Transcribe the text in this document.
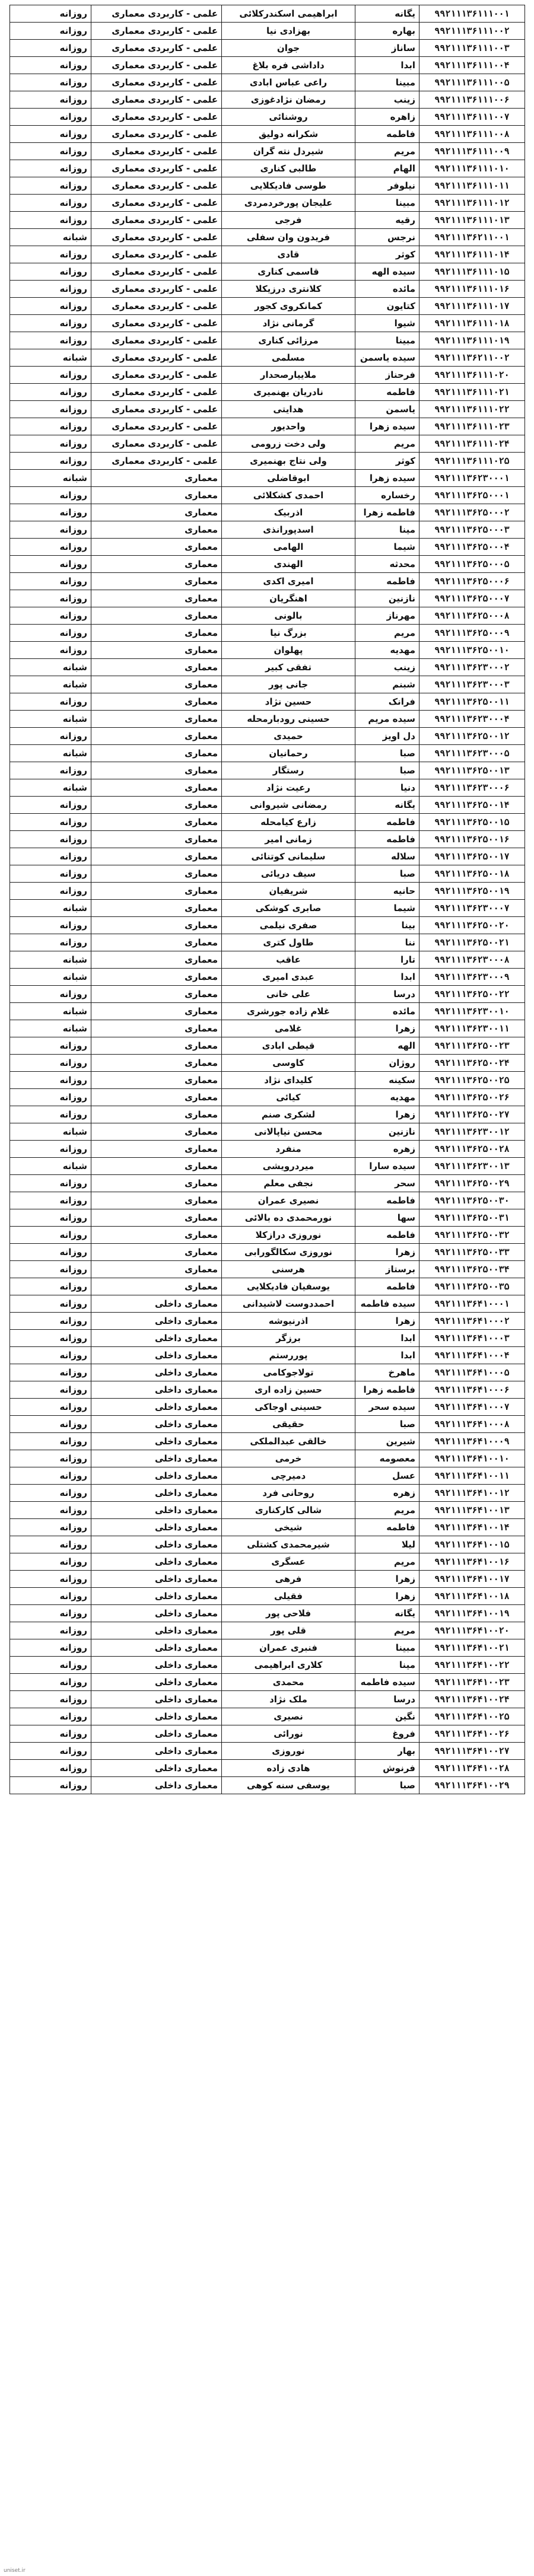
۹۹۲۱۱۱۳۶۱۱۱۰۰۱	یگانه	ابراهیمی اسکندرکلائی	علمی - کاربردی معماری	روزانه
۹۹۲۱۱۱۳۶۱۱۱۰۰۲	بهاره	بهزادی نیا	علمی - کاربردی معماری	روزانه
۹۹۲۱۱۱۳۶۱۱۱۰۰۳	ساناز	جوان	علمی - کاربردی معماری	روزانه
۹۹۲۱۱۱۳۶۱۱۱۰۰۴	ابدا	داداشی فره بلاغ	علمی - کاربردی معماری	روزانه
۹۹۲۱۱۱۳۶۱۱۱۰۰۵	مبینا	راعی عباس ابادی	علمی - کاربردی معماری	روزانه
۹۹۲۱۱۱۳۶۱۱۱۰۰۶	زینب	رمضان نژادغوزی	علمی - کاربردی معماری	روزانه
۹۹۲۱۱۱۳۶۱۱۱۰۰۷	زاهره	روشنائی	علمی - کاربردی معماری	روزانه
۹۹۲۱۱۱۳۶۱۱۱۰۰۸	فاطمه	شکرانه دولیق	علمی - کاربردی معماری	روزانه
۹۹۲۱۱۱۳۶۱۱۱۰۰۹	مریم	شیردل نته گران	علمی - کاربردی معماری	روزانه
۹۹۲۱۱۱۳۶۱۱۱۰۱۰	الهام	طالبی کناری	علمی - کاربردی معماری	روزانه
۹۹۲۱۱۱۳۶۱۱۱۰۱۱	نیلوفر	طوسی فادیکلایی	علمی - کاربردی معماری	روزانه
۹۹۲۱۱۱۳۶۱۱۱۰۱۲	مبینا	علیجان پورخردمردی	علمی - کاربردی معماری	روزانه
۹۹۲۱۱۱۳۶۱۱۱۰۱۳	رقیه	فرجی	علمی - کاربردی معماری	روزانه
۹۹۲۱۱۱۳۶۲۱۱۰۰۱	نرجس	فریدون وان سفلی	علمی - کاربردی معماری	شبانه
۹۹۲۱۱۱۳۶۱۱۱۰۱۴	کوثر	قادی	علمی - کاربردی معماری	روزانه
۹۹۲۱۱۱۳۶۱۱۱۰۱۵	سیده الهه	قاسمی کناری	علمی - کاربردی معماری	روزانه
۹۹۲۱۱۱۳۶۱۱۱۰۱۶	مائده	کلانتری درزیکلا	علمی - کاربردی معماری	روزانه
۹۹۲۱۱۱۳۶۱۱۱۰۱۷	کتایون	کمانکروی کجور	علمی - کاربردی معماری	روزانه
۹۹۲۱۱۱۳۶۱۱۱۰۱۸	شیوا	گرمانی نژاد	علمی - کاربردی معماری	روزانه
۹۹۲۱۱۱۳۶۱۱۱۰۱۹	مبینا	مرزائی کناری	علمی - کاربردی معماری	روزانه
۹۹۲۱۱۱۳۶۲۱۱۰۰۲	سیده یاسمن	مسلمی	علمی - کاربردی معماری	شبانه
۹۹۲۱۱۱۳۶۱۱۱۰۲۰	فرحناز	ملاییارصحدار	علمی - کاربردی معماری	روزانه
۹۹۲۱۱۱۳۶۱۱۱۰۲۱	فاطمه	نادریان بهنمیری	علمی - کاربردی معماری	روزانه
۹۹۲۱۱۱۳۶۱۱۱۰۲۲	یاسمن	هدایتی	علمی - کاربردی معماری	روزانه
۹۹۲۱۱۱۳۶۱۱۱۰۲۳	سیده زهرا	واحدیور	علمی - کاربردی معماری	روزانه
۹۹۲۱۱۱۳۶۱۱۱۰۲۴	مریم	ولی دخت زرومی	علمی - کاربردی معماری	روزانه
۹۹۲۱۱۱۳۶۱۱۱۰۲۵	کوثر	ولی نتاج بهنمیری	علمی - کاربردی معماری	روزانه
۹۹۲۱۱۱۳۶۲۳۰۰۰۱	سیده زهرا	ابوقاضلی	معماری	شبانه
۹۹۲۱۱۱۳۶۲۵۰۰۰۱	رخساره	احمدی کشکلائی	معماری	روزانه
۹۹۲۱۱۱۳۶۲۵۰۰۰۲	فاطمه زهرا	اذربیک	معماری	روزانه
۹۹۲۱۱۱۳۶۲۵۰۰۰۳	مینا	اسدپورانذی	معماری	روزانه
۹۹۲۱۱۱۳۶۲۵۰۰۰۴	شیما	الهامی	معماری	روزانه
۹۹۲۱۱۱۳۶۲۵۰۰۰۵	محدثه	الهندی	معماری	روزانه
۹۹۲۱۱۱۳۶۲۵۰۰۰۶	فاطمه	امیری اکدی	معماری	روزانه
۹۹۲۱۱۱۳۶۲۵۰۰۰۷	نازنین	اهنگریان	معماری	روزانه
۹۹۲۱۱۱۳۶۲۵۰۰۰۸	مهرناز	بالونی	معماری	روزانه
۹۹۲۱۱۱۳۶۲۵۰۰۰۹	مریم	بزرگ نیا	معماری	روزانه
۹۹۲۱۱۱۳۶۲۵۰۰۱۰	مهدیه	پهلوان	معماری	روزانه
۹۹۲۱۱۱۳۶۲۳۰۰۰۲	زینب	تفقی کبیر	معماری	شبانه
۹۹۲۱۱۱۳۶۲۳۰۰۰۳	شبنم	جانی پور	معماری	شبانه
۹۹۲۱۱۱۳۶۲۵۰۰۱۱	فرانک	حسین نژاد	معماری	روزانه
۹۹۲۱۱۱۳۶۲۳۰۰۰۴	سیده مریم	حسینی رودبارمحله	معماری	شبانه
۹۹۲۱۱۱۳۶۲۵۰۰۱۲	دل اویز	حمیدی	معماری	روزانه
۹۹۲۱۱۱۳۶۲۳۰۰۰۵	صبا	رحمانیان	معماری	شبانه
۹۹۲۱۱۱۳۶۲۵۰۰۱۳	صبا	رستگار	معماری	روزانه
۹۹۲۱۱۱۳۶۲۳۰۰۰۶	دنیا	رعیت نژاد	معماری	شبانه
۹۹۲۱۱۱۳۶۲۵۰۰۱۴	یگانه	رمضانی شیروانی	معماری	روزانه
۹۹۲۱۱۱۳۶۲۵۰۰۱۵	فاطمه	زارع کیامحله	معماری	روزانه
۹۹۲۱۱۱۳۶۲۵۰۰۱۶	فاطمه	زمانی امیر	معماری	روزانه
۹۹۲۱۱۱۳۶۲۵۰۰۱۷	سلاله	سلیمانی کوتنائی	معماری	روزانه
۹۹۲۱۱۱۳۶۲۵۰۰۱۸	صبا	سیف دریائی	معماری	روزانه
۹۹۲۱۱۱۳۶۲۵۰۰۱۹	حانیه	شریفیان	معماری	روزانه
۹۹۲۱۱۱۳۶۲۳۰۰۰۷	شیما	صابری کوشکی	معماری	شبانه
۹۹۲۱۱۱۳۶۲۵۰۰۲۰	بینا	صفری نیلمی	معماری	روزانه
۹۹۲۱۱۱۳۶۲۵۰۰۲۱	ننا	طاول کتری	معماری	روزانه
۹۹۲۱۱۱۳۶۲۳۰۰۰۸	تارا	عاقب	معماری	شبانه
۹۹۲۱۱۱۳۶۲۳۰۰۰۹	ابدا	عبدی امیری	معماری	شبانه
۹۹۲۱۱۱۳۶۲۵۰۰۲۲	درسا	علی خانی	معماری	روزانه
۹۹۲۱۱۱۳۶۲۳۰۰۱۰	مائده	غلام زاده جورشری	معماری	شبانه
۹۹۲۱۱۱۳۶۲۳۰۰۱۱	زهرا	غلامی	معماری	شبانه
۹۹۲۱۱۱۳۶۲۵۰۰۲۳	الهه	قیطی ابادی	معماری	روزانه
۹۹۲۱۱۱۳۶۲۵۰۰۲۴	روژان	کاوسی	معماری	روزانه
۹۹۲۱۱۱۳۶۲۵۰۰۲۵	سکینه	کلیدای نژاد	معماری	روزانه
۹۹۲۱۱۱۳۶۲۵۰۰۲۶	مهدیه	کیائی	معماری	روزانه
۹۹۲۱۱۱۳۶۲۵۰۰۲۷	زهرا	لشکری صنم	معماری	روزانه
۹۹۲۱۱۱۳۶۲۳۰۰۱۲	نازنین	محسن نیاپالانی	معماری	شبانه
۹۹۲۱۱۱۳۶۲۵۰۰۲۸	زهره	منفرد	معماری	روزانه
۹۹۲۱۱۱۳۶۲۳۰۰۱۳	سیده سارا	میردرویشی	معماری	شبانه
۹۹۲۱۱۱۳۶۲۵۰۰۲۹	سحر	نجفی معلم	معماری	روزانه
۹۹۲۱۱۱۳۶۲۵۰۰۳۰	فاطمه	نصیری عمران	معماری	روزانه
۹۹۲۱۱۱۳۶۲۵۰۰۳۱	سها	نورمحمدی ده بالائی	معماری	روزانه
۹۹۲۱۱۱۳۶۲۵۰۰۳۲	فاطمه	نوروزی درازکلا	معماری	روزانه
۹۹۲۱۱۱۳۶۲۵۰۰۳۳	زهرا	نوروزی سکالگورابی	معماری	روزانه
۹۹۲۱۱۱۳۶۲۵۰۰۳۴	برستاز	هرسنی	معماری	روزانه
۹۹۲۱۱۱۳۶۲۵۰۰۳۵	فاطمه	یوسفیان فادیکلایی	معماری	روزانه
۹۹۲۱۱۱۳۶۴۱۰۰۰۱	سیده فاطمه	احمددوست لاشیدانی	معماری داخلی	روزانه
۹۹۲۱۱۱۳۶۴۱۰۰۰۲	زهرا	اذرنیوشه	معماری داخلی	روزانه
۹۹۲۱۱۱۳۶۴۱۰۰۰۳	ابدا	برزگر	معماری داخلی	روزانه
۹۹۲۱۱۱۳۶۴۱۰۰۰۴	ابدا	پوررستم	معماری داخلی	روزانه
۹۹۲۱۱۱۳۶۴۱۰۰۰۵	ماهرخ	تولاجوکامی	معماری داخلی	روزانه
۹۹۲۱۱۱۳۶۴۱۰۰۰۶	فاطمه زهرا	حسین زاده اری	معماری داخلی	روزانه
۹۹۲۱۱۱۳۶۴۱۰۰۰۷	سیده سحر	حسینی اوجاکی	معماری داخلی	روزانه
۹۹۲۱۱۱۳۶۴۱۰۰۰۸	صبا	حقیقی	معماری داخلی	روزانه
۹۹۲۱۱۱۳۶۴۱۰۰۰۹	شیرین	خالقی عبدالملکی	معماری داخلی	روزانه
۹۹۲۱۱۱۳۶۴۱۰۰۱۰	معصومه	خرمی	معماری داخلی	روزانه
۹۹۲۱۱۱۳۶۴۱۰۰۱۱	عسل	دمیرچی	معماری داخلی	روزانه
۹۹۲۱۱۱۳۶۴۱۰۰۱۲	زهره	روحانی فرد	معماری داخلی	روزانه
۹۹۲۱۱۱۳۶۴۱۰۰۱۳	مریم	شالی کارکناری	معماری داخلی	روزانه
۹۹۲۱۱۱۳۶۴۱۰۰۱۴	فاطمه	شیخی	معماری داخلی	روزانه
۹۹۲۱۱۱۳۶۴۱۰۰۱۵	لیلا	شیرمحمدی کشتلی	معماری داخلی	روزانه
۹۹۲۱۱۱۳۶۴۱۰۰۱۶	مریم	عسگری	معماری داخلی	روزانه
۹۹۲۱۱۱۳۶۴۱۰۰۱۷	زهرا	فرهی	معماری داخلی	روزانه
۹۹۲۱۱۱۳۶۴۱۰۰۱۸	زهرا	فقیلی	معماری داخلی	روزانه
۹۹۲۱۱۱۳۶۴۱۰۰۱۹	یگانه	فلاحی پور	معماری داخلی	روزانه
۹۹۲۱۱۱۳۶۴۱۰۰۲۰	مریم	قلی پور	معماری داخلی	روزانه
۹۹۲۱۱۱۳۶۴۱۰۰۲۱	مبینا	فنبری عمران	معماری داخلی	روزانه
۹۹۲۱۱۱۳۶۴۱۰۰۲۲	مینا	کلاری ابراهیمی	معماری داخلی	روزانه
۹۹۲۱۱۱۳۶۴۱۰۰۲۳	سیده فاطمه	محمدی	معماری داخلی	روزانه
۹۹۲۱۱۱۳۶۴۱۰۰۲۴	درسا	ملک نژاد	معماری داخلی	روزانه
۹۹۲۱۱۱۳۶۴۱۰۰۲۵	نگین	نصیری	معماری داخلی	روزانه
۹۹۲۱۱۱۳۶۴۱۰۰۲۶	فروغ	نورائی	معماری داخلی	روزانه
۹۹۲۱۱۱۳۶۴۱۰۰۲۷	بهار	نوروزی	معماری داخلی	روزانه
۹۹۲۱۱۱۳۶۴۱۰۰۲۸	فرنوش	هادی زاده	معماری داخلی	روزانه
۹۹۲۱۱۱۳۶۴۱۰۰۲۹	صبا	یوسفی سنه کوهی	معماری داخلی	روزانه
uniset.ir
